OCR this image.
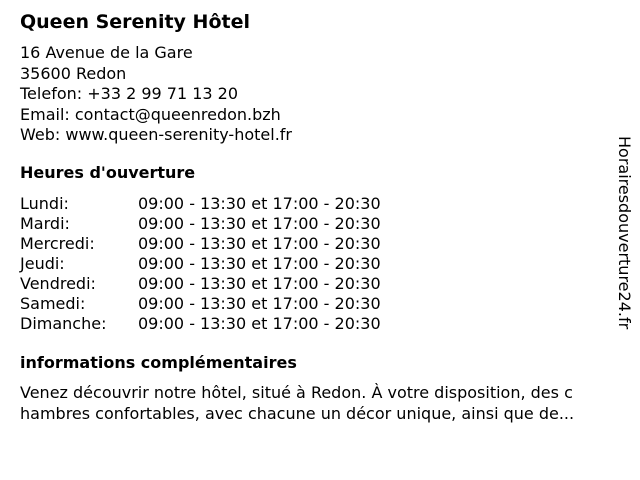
Queen Serenity Hôtel
16 Avenue de la Gare
35600 Redon
Telefon: +33 2 99 71 13 20
Email: contact@queenredon.bzh
Web: www.queen-serenity-hotel.fr
Heures d'ouverture
Lundi:	09:00 - 13:30 et 17:00 - 20:30
Mardi:	09:00 - 13:30 et 17:00 - 20:30
Mercredi:	09:00 - 13:30 et 17:00 - 20:30
Jeudi:	09:00 - 13:30 et 17:00 - 20:30
Vendredi:	09:00 - 13:30 et 17:00 - 20:30
Samedi:	09:00 - 13:30 et 17:00 - 20:30
Dimanche:	09:00 - 13:30 et 17:00 - 20:30
informations complémentaires
Venez découvrir notre hôtel, situé à Redon. À votre disposition, des c
hambres confortables, avec chacune un décor unique, ainsi que de...
Horairesdouverture24.fr
